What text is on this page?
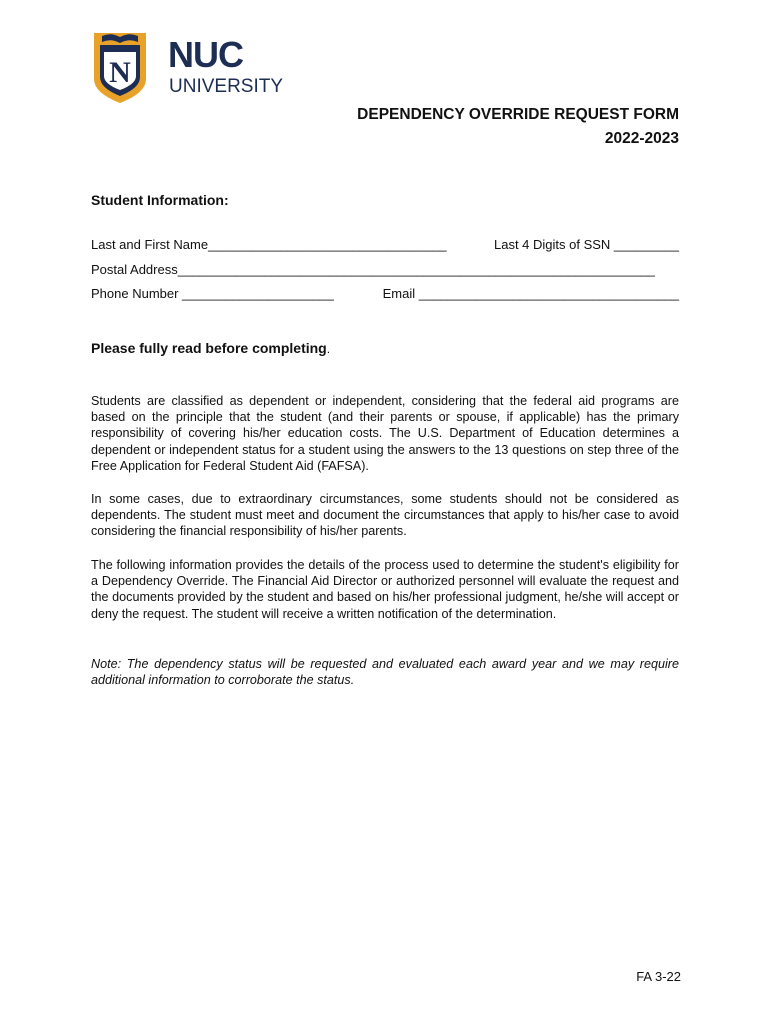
N NUC
UNIVERSITY
DEPENDENCY OVERRIDE REQUEST FORM
2022-2023
Student Information:
Last and First Name_________________________________	Last 4 Digits of SSN _________
Postal Address__________________________________________________________________
Phone Number _____________________	Email ____________________________________
Please fully read before completing.

Students are classified as dependent or independent, considering that the federal aid programs are based on the principle that the student (and their parents or spouse, if applicable) has the primary responsibility of covering his/her education costs. The U.S. Department of Education determines a dependent or independent status for a student using the answers to the 13 questions on step three of the Free Application for Federal Student Aid (FAFSA).

In some cases, due to extraordinary circumstances, some students should not be considered as dependents. The student must meet and document the circumstances that apply to his/her case to avoid considering the financial responsibility of his/her parents.

The following information provides the details of the process used to determine the student's eligibility for a Dependency Override. The Financial Aid Director or authorized personnel will evaluate the request and the documents provided by the student and based on his/her professional judgment, he/she will accept or deny the request. The student will receive a written notification of the determination.

Note: The dependency status will be requested and evaluated each award year and we may require additional information to corroborate the status.

FA 3-22
